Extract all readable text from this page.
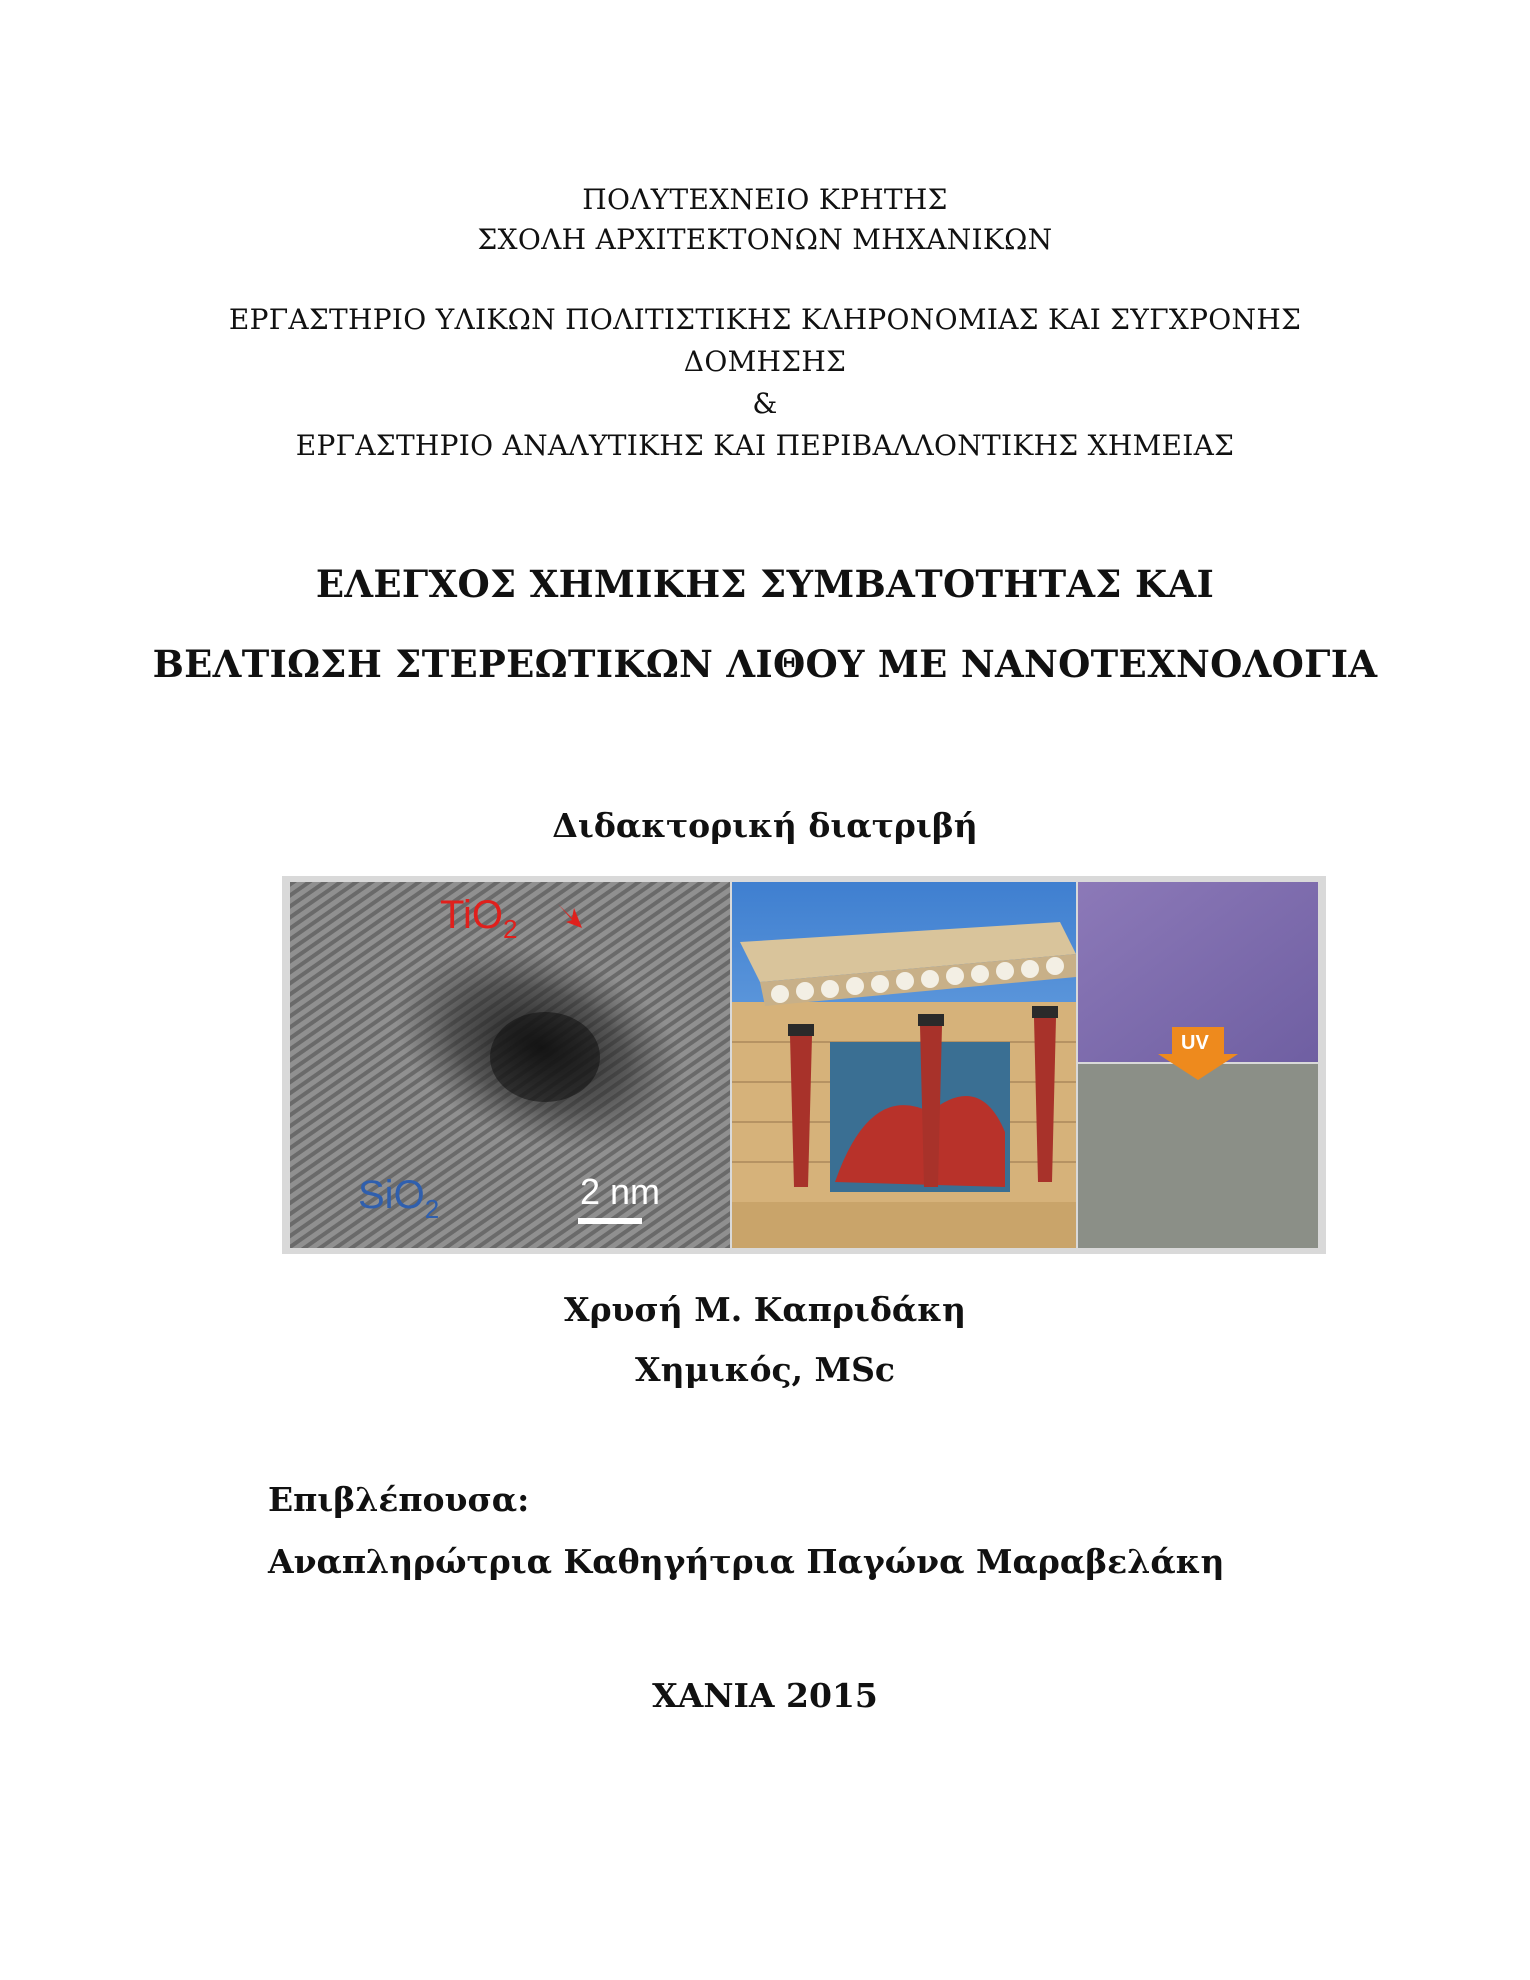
ΠΟΛΥΤΕΧΝΕΙΟ ΚΡΗΤΗΣ
ΣΧΟΛΗ ΑΡΧΙΤΕΚΤΟΝΩΝ ΜΗΧΑΝΙΚΩΝ
ΕΡΓΑΣΤΗΡΙΟ ΥΛΙΚΩΝ ΠΟΛΙΤΙΣΤΙΚΗΣ ΚΛΗΡΟΝΟΜΙΑΣ ΚΑΙ ΣΥΓΧΡΟΝΗΣ
ΔΟΜΗΣΗΣ
&
ΕΡΓΑΣΤΗΡΙΟ ΑΝΑΛΥΤΙΚΗΣ ΚΑΙ ΠΕΡΙΒΑΛΛΟΝΤΙΚΗΣ ΧΗΜΕΙΑΣ
ΕΛΕΓΧΟΣ ΧΗΜΙΚΗΣ ΣΥΜΒΑΤΟΤΗΤΑΣ ΚΑΙ
ΒΕΛΤΙΩΣΗ ΣΤΕΡΕΩΤΙΚΩΝ ΛΙΘΟΥ ΜΕ ΝΑΝΟΤΕΧΝΟΛΟΓΙΑ
Διδακτορική διατριβή
TiO$_2$
SiO$_2$	2 nm
UV
Χρυσή Μ. Καπριδάκη
Χημικός, MSc
Επιβλέπουσα:
Αναπληρώτρια Καθηγήτρια Παγώνα Μαραβελάκη
ΧΑΝΙΑ 2015
